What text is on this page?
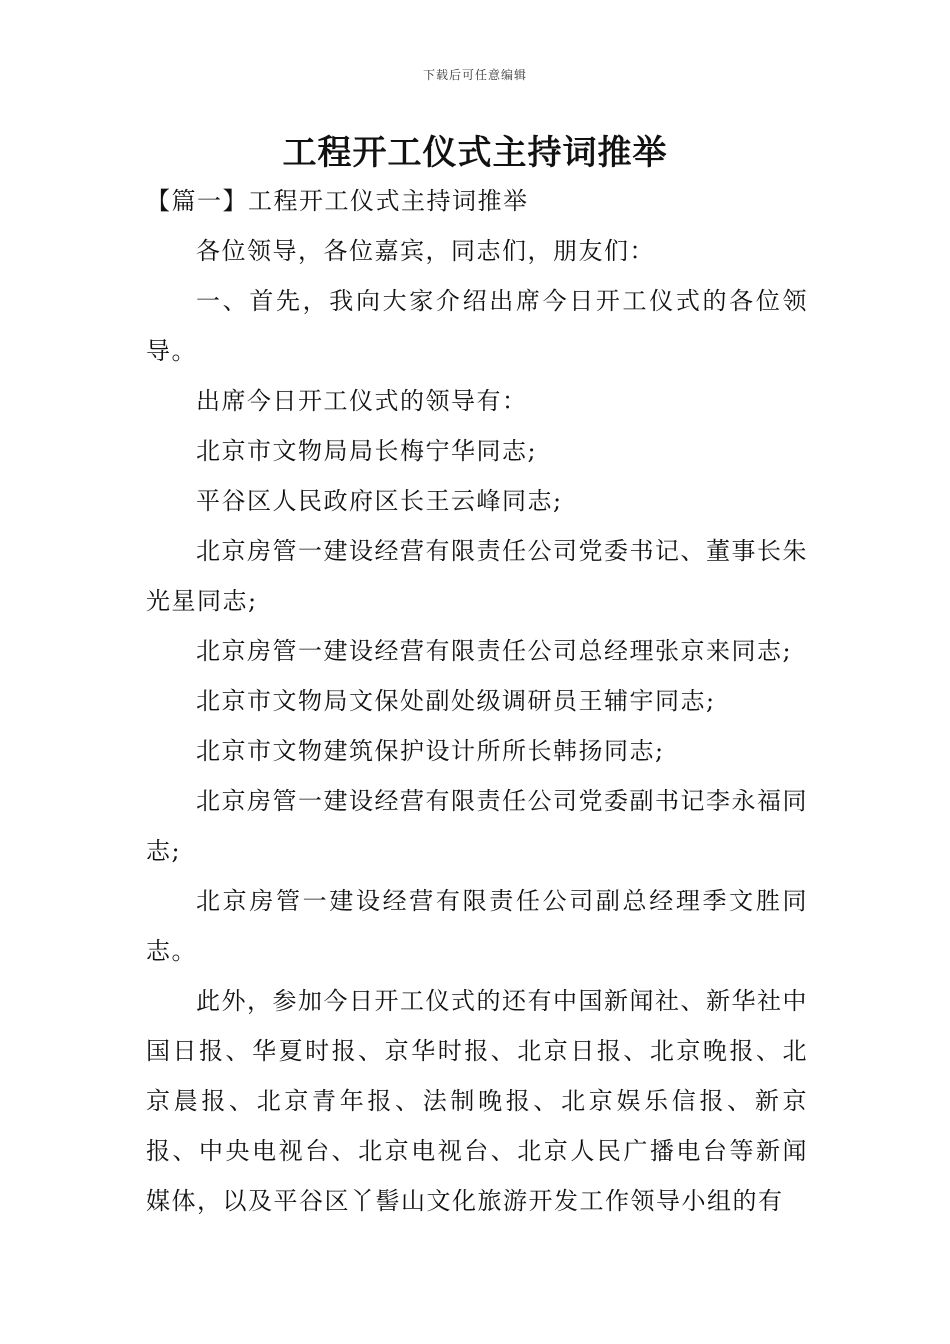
下载后可任意编辑
工程开工仪式主持词推举

【篇一】工程开工仪式主持词推举

各位领导，各位嘉宾，同志们，朋友们：

一、首先，我向大家介绍出席今日开工仪式的各位领导。

出席今日开工仪式的领导有：

北京市文物局局长梅宁华同志;

平谷区人民政府区长王云峰同志;

北京房管一建设经营有限责任公司党委书记、董事长朱光星同志;

北京房管一建设经营有限责任公司总经理张京来同志;

北京市文物局文保处副处级调研员王辅宇同志;

北京市文物建筑保护设计所所长韩扬同志;

北京房管一建设经营有限责任公司党委副书记李永福同志;

北京房管一建设经营有限责任公司副总经理季文胜同志。

此外，参加今日开工仪式的还有中国新闻社、新华社中国日报、华夏时报、京华时报、北京日报、北京晚报、北京晨报、北京青年报、法制晚报、北京娱乐信报、新京报、中央电视台、北京电视台、北京人民广播电台等新闻媒体，以及平谷区丫髻山文化旅游开发工作领导小组的有
